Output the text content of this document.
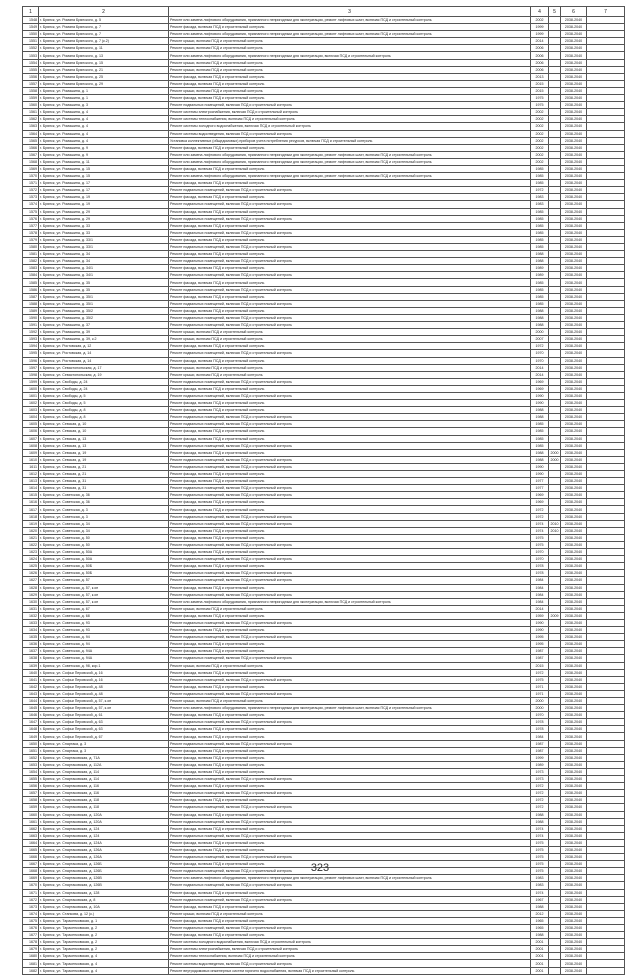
1	2	3	4	5	6	7
1548	г. Брянск, ул. Романа Брянского, д. 5	Ремонт или замена лифтового оборудования, признанного непригодным для эксплуатации, ремонт лифтовых шахт, включая ПСД и строительный контроль	2002		2038-2040	
1549	г. Брянск, ул. Романа Брянского, д. 7	Ремонт фасада, включая ПСД и строительный контроль	1999		2038-2040	
1550	г. Брянск, ул. Романа Брянского, д. 7	Ремонт или замена лифтового оборудования, признанного непригодным для эксплуатации, ремонт лифтовых шахт, включая ПСД и строительный контроль	1999		2038-2040	
1551	г. Брянск, ул. Романа Брянского, д. 7 (к.2)	Ремонт крыши, включая ПСД и строительный контроль	2014		2038-2040	
1552	г. Брянск, ул. Романа Брянского, д. 11	Ремонт крыши, включая ПСД и строительный контроль	2006		2038-2040	
1553	г. Брянск, ул. Романа Брянского, д. 13	Ремонт или замена лифтового оборудования, признанного непригодным для эксплуатации, включая ПСД и строительный контроль	2006		2038-2040	
1554	г. Брянск, ул. Романа Брянского, д. 15	Ремонт крыши, включая ПСД и строительный контроль	2006		2038-2040	
1555	г. Брянск, ул. Романа Брянского, д. 21	Ремонт крыши, включая ПСД и строительный контроль	2006		2038-2040	
1556	г. Брянск, ул. Романа Брянского, д. 25	Ремонт фасада, включая ПСД и строительный контроль	2013		2038-2040	
1557	г. Брянск, ул. Романа Брянского, д. 29	Ремонт фасада, включая ПСД и строительный контроль	2015		2038-2040	
1558	г. Брянск, ул. Ромашина, д. 1	Ремонт крыши, включая ПСД и строительный контроль	2015		2038-2040	
1559	г. Брянск, ул. Ромашина, д. 1	Ремонт фасада, включая ПСД и строительный контроль	1975		2038-2040	
1560	г. Брянск, ул. Ромашина, д. 3	Ремонт подвальных помещений, включая ПСД и строительный контроль	1975		2038-2040	
1561	г. Брянск, ул. Ромашина, д. 4	Ремонт системы электроснабжения, включая ПСД и строительный контроль	2002		2038-2040	
1562	г. Брянск, ул. Ромашина, д. 4	Ремонт системы теплоснабжения, включая ПСД и строительный контроль	2002		2038-2040	
1563	г. Брянск, ул. Ромашина, д. 4	Ремонт системы холодного водоснабжения, включая ПСД и строительный контроль	2002		2038-2040	
1564	г. Брянск, ул. Ромашина, д. 4	Ремонт системы водоотведения, включая ПСД и строительный контроль	2002		2038-2040	
1565	г. Брянск, ул. Ромашина, д. 4	Установка коллективных (общедомовых) приборов учета потребления ресурсов, включая ПСД и строительный контроль	2002		2038-2040	
1566	г. Брянск, ул. Ромашина, д. 9	Ремонт фасада, включая ПСД и строительный контроль	2002		2038-2040	
1567	г. Брянск, ул. Ромашина, д. 9	Ремонт или замена лифтового оборудования, признанного непригодным для эксплуатации, ремонт лифтовых шахт, включая ПСД и строительный контроль	2002		2038-2040	
1568	г. Брянск, ул. Ромашина, д. 11	Ремонт или замена лифтового оборудования, признанного непригодным для эксплуатации, ремонт лифтовых шахт, включая ПСД и строительный контроль	2002		2038-2040	
1569	г. Брянск, ул. Ромашина, д. 15	Ремонт фасада, включая ПСД и строительный контроль	1985		2038-2040	
1570	г. Брянск, ул. Ромашина, д. 15	Ремонт или замена лифтового оборудования, признанного непригодным для эксплуатации, ремонт лифтовых шахт, включая ПСД и строительный контроль	1985		2038-2040	
1571	г. Брянск, ул. Ромашина, д. 17	Ремонт фасада, включая ПСД и строительный контроль	1985		2038-2040	
1572	г. Брянск, ул. Ромашина, д. 17	Ремонт подвальных помещений, включая ПСД и строительный контроль	1972		2038-2040	
1573	г. Брянск, ул. Ромашина, д. 19	Ремонт фасада, включая ПСД и строительный контроль	1983		2038-2040	
1574	г. Брянск, ул. Ромашина, д. 19	Ремонт подвальных помещений, включая ПСД и строительный контроль	1983		2038-2040	
1575	г. Брянск, ул. Ромашина, д. 29	Ремонт фасада, включая ПСД и строительный контроль	1985		2038-2040	
1576	г. Брянск, ул. Ромашина, д. 29	Ремонт подвальных помещений, включая ПСД и строительный контроль	1985		2038-2040	
1577	г. Брянск, ул. Ромашина, д. 33	Ремонт фасада, включая ПСД и строительный контроль	1985		2038-2040	
1578	г. Брянск, ул. Ромашина, д. 33	Ремонт подвальных помещений, включая ПСД и строительный контроль	1985		2038-2040	
1579	г. Брянск, ул. Ромашина, д. 33/1	Ремонт фасада, включая ПСД и строительный контроль	1985		2038-2040	
1580	г. Брянск, ул. Ромашина, д. 33/1	Ремонт подвальных помещений, включая ПСД и строительный контроль	1985		2038-2040	
1581	г. Брянск, ул. Ромашина, д. 34	Ремонт фасада, включая ПСД и строительный контроль	1988		2038-2040	
1582	г. Брянск, ул. Ромашина, д. 34	Ремонт подвальных помещений, включая ПСД и строительный контроль	1988		2038-2040	
1583	г. Брянск, ул. Ромашина, д. 34/1	Ремонт фасада, включая ПСД и строительный контроль	1989		2038-2040	
1584	г. Брянск, ул. Ромашина, д. 34/1	Ремонт подвальных помещений, включая ПСД и строительный контроль	1989		2038-2040	
1585	г. Брянск, ул. Ромашина, д. 35	Ремонт фасада, включая ПСД и строительный контроль	1985		2038-2040	
1586	г. Брянск, ул. Ромашина, д. 35	Ремонт подвальных помещений, включая ПСД и строительный контроль	1985		2038-2040	
1587	г. Брянск, ул. Ромашина, д. 35/1	Ремонт фасада, включая ПСД и строительный контроль	1985		2038-2040	
1588	г. Брянск, ул. Ромашина, д. 35/1	Ремонт подвальных помещений, включая ПСД и строительный контроль	1985		2038-2040	
1589	г. Брянск, ул. Ромашина, д. 35/2	Ремонт фасада, включая ПСД и строительный контроль	1988		2038-2040	
1590	г. Брянск, ул. Ромашина, д. 35/2	Ремонт подвальных помещений, включая ПСД и строительный контроль	1988		2038-2040	
1591	г. Брянск, ул. Ромашина, д. 37	Ремонт подвальных помещений, включая ПСД и строительный контроль	1988		2038-2040	
1592	г. Брянск, ул. Ромашина, д. 39	Ремонт крыши, включая ПСД и строительный контроль	2000		2038-2040	
1593	г. Брянск, ул. Ромашина, д. 39, к.2	Ремонт крыши, включая ПСД и строительный контроль	2007		2038-2040	
1594	г. Брянск, ул. Ростовская, д. 12	Ремонт фасада, включая ПСД и строительный контроль	1972		2038-2040	
1595	г. Брянск, ул. Ростовская, д. 14	Ремонт подвальных помещений, включая ПСД и строительный контроль	1970		2038-2040	
1596	г. Брянск, ул. Ростовская, д. 14	Ремонт фасада, включая ПСД и строительный контроль	1970		2038-2040	
1597	г. Брянск, ул. Севастопольская, д. 17	Ремонт крыши, включая ПСД и строительный контроль	2014		2038-2040	
1598	г. Брянск, ул. Севастопольская, д. 19	Ремонт крыши, включая ПСД и строительный контроль	2014		2038-2040	
1599	г. Брянск, ул. Свободы, д. 24	Ремонт подвальных помещений, включая ПСД и строительный контроль	1969		2038-2040	
1600	г. Брянск, ул. Свободы, д. 24	Ремонт фасада, включая ПСД и строительный контроль	1969		2038-2040	
1601	г. Брянск, ул. Свободы, д. 5	Ремонт подвальных помещений, включая ПСД и строительный контроль	1990		2038-2040	
1602	г. Брянск, ул. Свободы, д. 5	Ремонт фасада, включая ПСД и строительный контроль	1990		2038-2040	
1603	г. Брянск, ул. Свободы, д. 8	Ремонт фасада, включая ПСД и строительный контроль	1988		2038-2040	
1604	г. Брянск, ул. Свободы, д. 8	Ремонт подвальных помещений, включая ПСД и строительный контроль	1988		2038-2040	
1605	г. Брянск, ул. Севская, д. 10	Ремонт подвальных помещений, включая ПСД и строительный контроль	1985		2038-2040	
1606	г. Брянск, ул. Севская, д. 10	Ремонт фасада, включая ПСД и строительный контроль	1985		2038-2040	
1607	г. Брянск, ул. Севская, д. 13	Ремонт фасада, включая ПСД и строительный контроль	1985		2038-2040	
1608	г. Брянск, ул. Севская, д. 13	Ремонт подвальных помещений, включая ПСД и строительный контроль	1985		2038-2040	
1609	г. Брянск, ул. Севская, д. 19	Ремонт фасада, включая ПСД и строительный контроль	1988	2000	2038-2040	
1610	г. Брянск, ул. Севская, д. 19	Ремонт подвальных помещений, включая ПСД и строительный контроль	1988	2000	2038-2040	
1611	г. Брянск, ул. Севская, д. 21	Ремонт подвальных помещений, включая ПСД и строительный контроль	1990		2038-2040	
1612	г. Брянск, ул. Севская, д. 21	Ремонт фасада, включая ПСД и строительный контроль	1990		2038-2040	
1613	г. Брянск, ул. Севская, д. 31	Ремонт фасада, включая ПСД и строительный контроль	1977		2038-2040	
1614	г. Брянск, ул. Севская, д. 31	Ремонт подвальных помещений, включая ПСД и строительный контроль	1977		2038-2040	
1615	г. Брянск, ул. Советская, д. 36	Ремонт подвальных помещений, включая ПСД и строительный контроль	1969		2038-2040	
1616	г. Брянск, ул. Советская, д. 36	Ремонт фасада, включая ПСД и строительный контроль	1969		2038-2040	
1617	г. Брянск, ул. Советская, д. 3	Ремонт фасада, включая ПСД и строительный контроль	1972		2038-2040	
1618	г. Брянск, ул. Советская, д. 3	Ремонт подвальных помещений, включая ПСД и строительный контроль	1972		2038-2040	
1619	г. Брянск, ул. Советская, д. 34	Ремонт подвальных помещений, включая ПСД и строительный контроль	1974	2010	2038-2040	
1620	г. Брянск, ул. Советская, д. 34	Ремонт фасада, включая ПСД и строительный контроль	1974	2010	2038-2040	
1621	г. Брянск, ул. Советская, д. 50	Ремонт фасада, включая ПСД и строительный контроль	1975		2038-2040	
1622	г. Брянск, ул. Советская, д. 50	Ремонт подвальных помещений, включая ПСД и строительный контроль	1975		2038-2040	
1623	г. Брянск, ул. Советская, д. 50А	Ремонт фасада, включая ПСД и строительный контроль	1970		2038-2040	
1624	г. Брянск, ул. Советская, д. 50А	Ремонт подвальных помещений, включая ПСД и строительный контроль	1970		2038-2040	
1625	г. Брянск, ул. Советская, д. 50Б	Ремонт фасада, включая ПСД и строительный контроль	1978		2038-2040	
1626	г. Брянск, ул. Советская, д. 50Б	Ремонт подвальных помещений, включая ПСД и строительный контроль	1978		2038-2040	
1627	г. Брянск, ул. Советская, д. 57	Ремонт подвальных помещений, включая ПСД и строительный контроль	1984		2038-2040	
1628	г. Брянск, ул. Советская, д. 57, к.он	Ремонт фасада, включая ПСД и строительный контроль	1984		2038-2040	
1629	г. Брянск, ул. Советская, д. 57, к.он	Ремонт подвальных помещений, включая ПСД и строительный контроль	1984		2038-2040	
1630	г. Брянск, ул. Советская, д. 57, к.он	Ремонт или замена лифтового оборудования, признанного непригодным для эксплуатации, включая ПСД и строительный контроль	1984		2038-2040	
1631	г. Брянск, ул. Советская, д. 67	Ремонт крыши, включая ПСД и строительный контроль	2014		2038-2040	
1632	г. Брянск, ул. Советская, д. 68	Ремонт фасада, включая ПСД и строительный контроль	1959	2009	2038-2040	
1633	г. Брянск, ул. Советская, д. 93	Ремонт подвальных помещений, включая ПСД и строительный контроль	1990		2038-2040	
1634	г. Брянск, ул. Советская, д. 93	Ремонт фасада, включая ПСД и строительный контроль	1990		2038-2040	
1635	г. Брянск, ул. Советская, д. 94	Ремонт подвальных помещений, включая ПСД и строительный контроль	1995		2038-2040	
1636	г. Брянск, ул. Советская, д. 94	Ремонт фасада, включая ПСД и строительный контроль	1995		2038-2040	
1637	г. Брянск, ул. Советская, д. 94А	Ремонт фасада, включая ПСД и строительный контроль	1987		2038-2040	
1638	г. Брянск, ул. Советская, д. 94А	Ремонт подвальных помещений, включая ПСД и строительный контроль	1987		2038-2040	
1639	г. Брянск, ул. Советская, д. 98, кор.1	Ремонт крыши, включая ПСД и строительный контроль	2015		2038-2040	
1640	г. Брянск, ул. Софьи Перовской, д. 16	Ремонт фасада, включая ПСД и строительный контроль	1972		2038-2040	
1641	г. Брянск, ул. Софьи Перовской, д. 16	Ремонт подвальных помещений, включая ПСД и строительный контроль	1975		2038-2040	
1642	г. Брянск, ул. Софьи Перовской, д. 48	Ремонт фасада, включая ПСД и строительный контроль	1971		2038-2040	
1643	г. Брянск, ул. Софьи Перовской, д. 48	Ремонт подвальных помещений, включая ПСД и строительный контроль	1971		2038-2040	
1644	г. Брянск, ул. Софьи Перовской, д. 57, к.он	Ремонт крыши, включая ПСД и строительный контроль	2000		2038-2040	
1645	г. Брянск, ул. Софьи Перовской, д. 57, к.он	Ремонт или замена лифтового оборудования, признанного непригодным для эксплуатации, ремонт лифтовых шахт, включая ПСД и строительный контроль	2000		2038-2040	
1646	г. Брянск, ул. Софьи Перовской, д. 61	Ремонт фасада, включая ПСД и строительный контроль	1970		2038-2040	
1647	г. Брянск, ул. Софьи Перовской, д. 63	Ремонт подвальных помещений, включая ПСД и строительный контроль	1978		2038-2040	
1648	г. Брянск, ул. Софьи Перовской, д. 63	Ремонт фасада, включая ПСД и строительный контроль	1978		2038-2040	
1649	г. Брянск, ул. Софьи Перовской, д. 67	Ремонт фасада, включая ПСД и строительный контроль	1984		2038-2040	
1650	г. Брянск, ул. Спартака, д. 3	Ремонт подвальных помещений, включая ПСД и строительный контроль	1987		2038-2040	
1651	г. Брянск, ул. Спартака, д. 3	Ремонт фасада, включая ПСД и строительный контроль	1987		2038-2040	
1652	г. Брянск, ул. Спартаковская, д. 71А	Ремонт фасада, включая ПСД и строительный контроль	1999		2038-2040	
1653	г. Брянск, ул. Спартаковская, д. 112А	Ремонт фасада, включая ПСД и строительный контроль	1989		2038-2040	
1654	г. Брянск, ул. Спартаковская, д. 114	Ремонт фасада, включая ПСД и строительный контроль	1973		2038-2040	
1655	г. Брянск, ул. Спартаковская, д. 114	Ремонт подвальных помещений, включая ПСД и строительный контроль	1973		2038-2040	
1656	г. Брянск, ул. Спартаковская, д. 116	Ремонт фасада, включая ПСД и строительный контроль	1972		2038-2040	
1657	г. Брянск, ул. Спартаковская, д. 116	Ремонт подвальных помещений, включая ПСД и строительный контроль	1972		2038-2040	
1658	г. Брянск, ул. Спартаковская, д. 118	Ремонт фасада, включая ПСД и строительный контроль	1972		2038-2040	
1659	г. Брянск, ул. Спартаковская, д. 118	Ремонт подвальных помещений, включая ПСД и строительный контроль	1972		2038-2040	
1660	г. Брянск, ул. Спартаковская, д. 120А	Ремонт фасада, включая ПСД и строительный контроль	1988		2038-2040	
1661	г. Брянск, ул. Спартаковская, д. 120А	Ремонт подвальных помещений, включая ПСД и строительный контроль	1988		2038-2040	
1662	г. Брянск, ул. Спартаковская, д. 124	Ремонт фасада, включая ПСД и строительный контроль	1974		2038-2040	
1663	г. Брянск, ул. Спартаковская, д. 124	Ремонт подвальных помещений, включая ПСД и строительный контроль	1974		2038-2040	
1664	г. Брянск, ул. Спартаковская, д. 124А	Ремонт фасада, включая ПСД и строительный контроль	1975		2038-2040	
1665	г. Брянск, ул. Спартаковская, д. 126А	Ремонт фасада, включая ПСД и строительный контроль	1975		2038-2040	
1666	г. Брянск, ул. Спартаковская, д. 126А	Ремонт подвальных помещений, включая ПСД и строительный контроль	1975		2038-2040	
1667	г. Брянск, ул. Спартаковская, д. 126Б	Ремонт фасада, включая ПСД и строительный контроль	1975		2038-2040	
1668	г. Брянск, ул. Спартаковская, д. 126Б	Ремонт подвальных помещений, включая ПСД и строительный контроль	1975		2038-2040	
1669	г. Брянск, ул. Спартаковская, д. 126В	Ремонт или замена лифтового оборудования, признанного непригодным для эксплуатации, ремонт лифтовых шахт, включая ПСД и строительный контроль	1983		2038-2040	
1670	г. Брянск, ул. Спартаковская, д. 126В	Ремонт подвальных помещений, включая ПСД и строительный контроль	1983		2038-2040	
1671	г. Брянск, ул. Спартаковская, д. 128	Ремонт фасада, включая ПСД и строительный контроль	1974		2038-2040	
1672	г. Брянск, ул. Спартаковская, д. 8	Ремонт подвальных помещений, включая ПСД и строительный контроль	1967		2038-2040	
1673	г. Брянск, ул. Спартаковская, д. 10А	Ремонт фасада, включая ПСД и строительный контроль	1988		2038-2040	
1674	г. Брянск, ул. Станкова, д. 12 (к.)	Ремонт крыши, включая ПСД и строительный контроль	2012		2038-2040	
1675	г. Брянск, ул. Тарасенковская, д. 1	Ремонт фасада, включая ПСД и строительный контроль	1965		2038-2040	
1676	г. Брянск, ул. Тарасенковская, д. 2	Ремонт подвальных помещений, включая ПСД и строительный контроль	1965		2038-2040	
1677	г. Брянск, ул. Тарасенковская, д. 2	Ремонт фасада, включая ПСД и строительный контроль	1988		2038-2040	
1678	г. Брянск, ул. Тарасенковская, д. 2	Ремонт системы холодного водоснабжения, включая ПСД и строительный контроль	2001		2038-2040	
1679	г. Брянск, ул. Тарасенковская, д. 2	Ремонт системы электроснабжения, включая ПСД и строительный контроль	2001		2038-2040	
1680	г. Брянск, ул. Тарасенковская, д. 4	Ремонт системы теплоснабжения, включая ПСД и строительный контроль	2001		2038-2040	
1681	г. Брянск, ул. Тарасенковская, д. 4	Ремонт системы водоотведения, включая ПСД и строительный контроль	2001		2038-2040	
1682	г. Брянск, ул. Тарасенковская, д. 4	Ремонт внутридомовых инженерных систем горячего водоснабжения, включая ПСД и строительный контроль	2001		2038-2040	
323
